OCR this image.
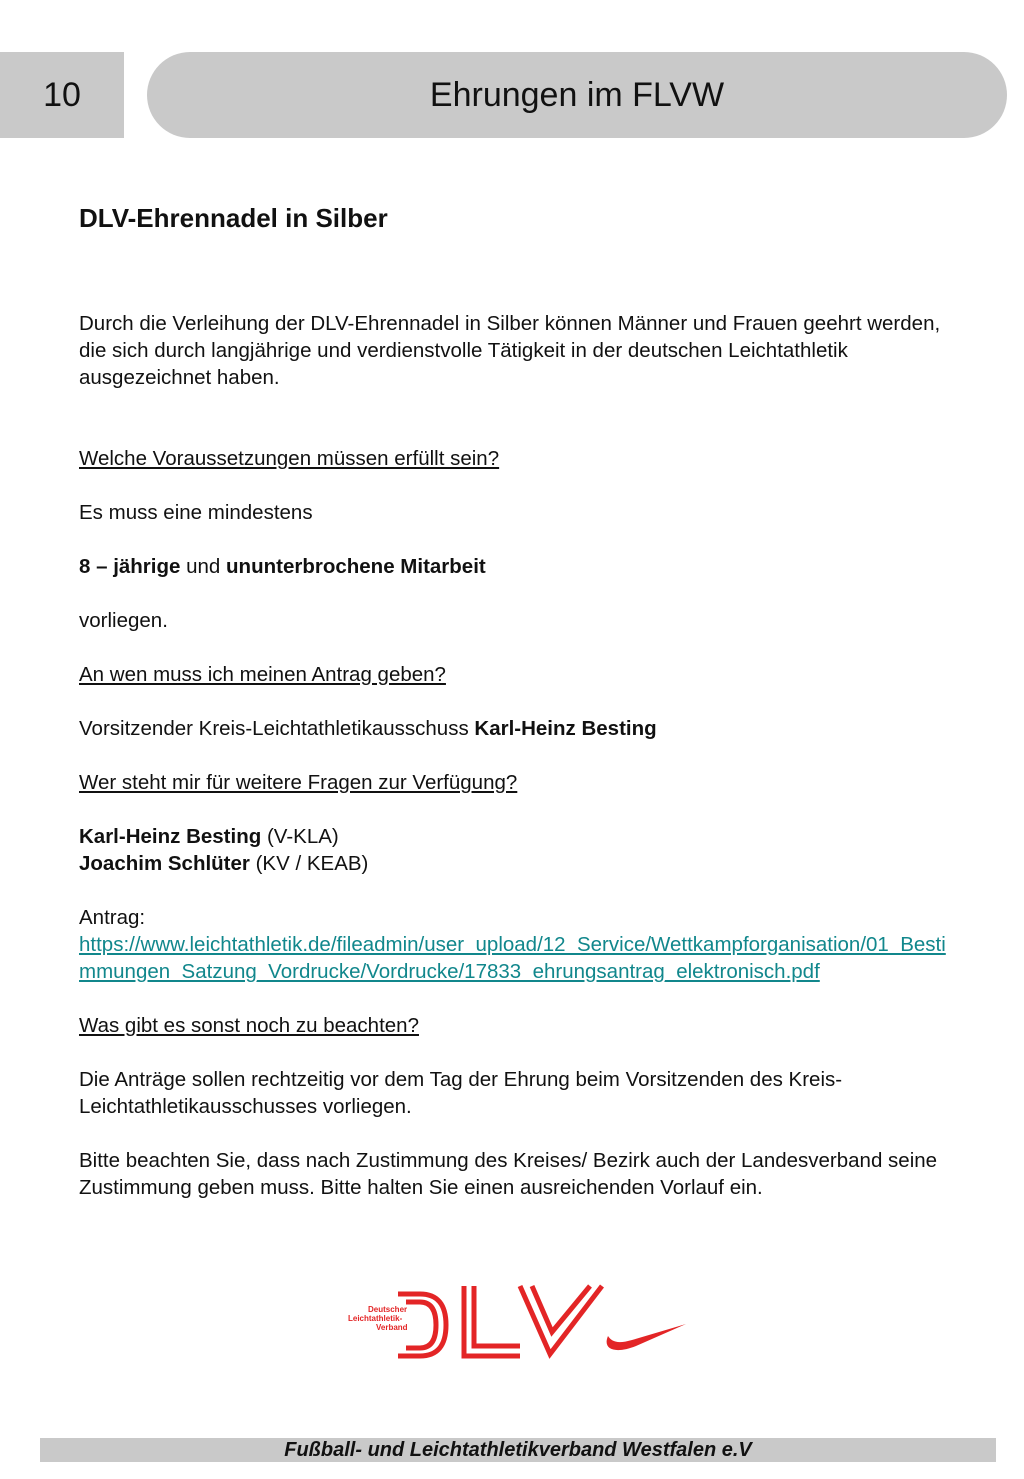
10	Ehrungen im FLVW
DLV-Ehrennadel in Silber

Durch die Verleihung der DLV-Ehrennadel in Silber können Männer und Frauen geehrt werden, die sich durch langjährige und verdienstvolle Tätigkeit in der deutschen Leichtathletik ausgezeichnet haben.

Welche Voraussetzungen müssen erfüllt sein?

Es muss eine mindestens

8 – jährige und ununterbrochene Mitarbeit

vorliegen.

An wen muss ich meinen Antrag geben?

Vorsitzender Kreis-Leichtathletikausschuss Karl-Heinz Besting

Wer steht mir für weitere Fragen zur Verfügung?

Karl-Heinz Besting (V-KLA)

Joachim Schlüter (KV / KEAB)

Antrag:

https://www.leichtathletik.de/fileadmin/user_upload/12_Service/Wettkampforganisation/01_Bestimmungen_Satzung_Vordrucke/Vordrucke/17833_ehrungsantrag_elektronisch.pdf

Was gibt es sonst noch zu beachten?

Die Anträge sollen rechtzeitig vor dem Tag der Ehrung beim Vorsitzenden des Kreis-Leichtathletikausschusses vorliegen.

Bitte beachten Sie, dass nach Zustimmung des Kreises/ Bezirk auch der Landesverband seine Zustimmung geben muss. Bitte halten Sie einen ausreichenden Vorlauf ein.

Deutscher
Leichtathletik-
Verband
Fußball- und Leichtathletikverband Westfalen e.V
